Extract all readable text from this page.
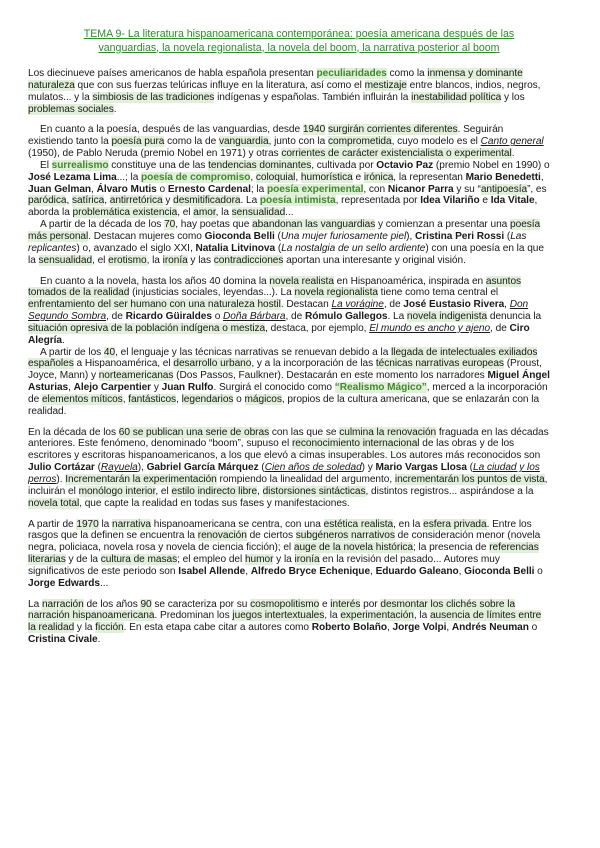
TEMA 9- La literatura hispanoamericana contemporánea: poesía americana después de las vanguardias, la novela regionalista, la novela del boom, la narrativa posterior al boom

Los diecinueve países americanos de habla española presentan peculiaridades como la inmensa y dominante naturaleza que con sus fuerzas telúricas influye en la literatura, así como el mestizaje entre blancos, indios, negros, mulatos... y la simbiosis de las tradiciones indígenas y españolas. También influirán la inestabilidad política y los problemas sociales.

En cuanto a la poesía, después de las vanguardias, desde 1940 surgirán corrientes diferentes. Seguirán existiendo tanto la poesía pura como la de vanguardia, junto con la comprometida, cuyo modelo es el Canto general (1950), de Pablo Neruda (premio Nobel en 1971) y otras corrientes de carácter existencialista o experimental.

El surrealismo constituye una de las tendencias dominantes, cultivada por Octavio Paz (premio Nobel en 1990) o José Lezama Lima...; la poesía de compromiso, coloquial, humorística e irónica, la representan Mario Benedetti, Juan Gelman, Álvaro Mutis o Ernesto Cardenal; la poesía experimental, con Nicanor Parra y su “antipoesía”, es paródica, satírica, antirretórica y desmitificadora. La poesía intimista, representada por Idea Vilariño e Ida Vitale, aborda la problemática existencia, el amor, la sensualidad...

A partir de la década de los 70, hay poetas que abandonan las vanguardias y comienzan a presentar una poesía más personal. Destacan mujeres como Gioconda Belli (Una mujer furiosamente piel), Cristina Peri Rossi (Las replicantes) o, avanzado el siglo XXI, Natalia Litvinova (La nostalgia de un sello ardiente) con una poesía en la que la sensualidad, el erotismo, la ironía y las contradicciones aportan una interesante y original visión.

En cuanto a la novela, hasta los años 40 domina la novela realista en Hispanoamérica, inspirada en asuntos tomados de la realidad (injusticias sociales, leyendas...). La novela regionalista tiene como tema central el enfrentamiento del ser humano con una naturaleza hostil. Destacan La vorágine, de José Eustasio Rivera, Don Segundo Sombra, de Ricardo Güiraldes o Doña Bárbara, de Rómulo Gallegos. La novela indigenista denuncia la situación opresiva de la población indígena o mestiza, destaca, por ejemplo, El mundo es ancho y ajeno, de Ciro Alegría.

A partir de los 40, el lenguaje y las técnicas narrativas se renuevan debido a la llegada de intelectuales exiliados españoles a Hispanoamérica, el desarrollo urbano, y a la incorporación de las técnicas narrativas europeas (Proust, Joyce, Mann) y norteamericanas (Dos Passos, Faulkner). Destacarán en este momento los narradores Miguel Ángel Asturias, Alejo Carpentier y Juan Rulfo. Surgirá el conocido como “Realismo Mágico”, merced a la incorporación de elementos míticos, fantásticos, legendarios o mágicos, propios de la cultura americana, que se enlazarán con la realidad.

En la década de los 60 se publican una serie de obras con las que se culmina la renovación fraguada en las décadas anteriores. Este fenómeno, denominado “boom”, supuso el reconocimiento internacional de las obras y de los escritores y escritoras hispanoamericanos, a los que elevó a cimas insuperables. Los autores más reconocidos son Julio Cortázar (Rayuela), Gabriel García Márquez (Cien años de soledad) y Mario Vargas Llosa (La ciudad y los perros). Incrementarán la experimentación rompiendo la linealidad del argumento, incrementarán los puntos de vista, incluirán el monólogo interior, el estilo indirecto libre, distorsiones sintácticas, distintos registros... aspirándose a la novela total, que capte la realidad en todas sus fases y manifestaciones.

A partir de 1970 la narrativa hispanoamericana se centra, con una estética realista, en la esfera privada. Entre los rasgos que la definen se encuentra la renovación de ciertos subgéneros narrativos de consideración menor (novela negra, policiaca, novela rosa y novela de ciencia ficción); el auge de la novela histórica; la presencia de referencias literarias y de la cultura de masas; el empleo del humor y la ironía en la revisión del pasado... Autores muy significativos de este periodo son Isabel Allende, Alfredo Bryce Echenique, Eduardo Galeano, Gioconda Belli o Jorge Edwards...

La narración de los años 90 se caracteriza por su cosmopolitismo e interés por desmontar los clichés sobre la narración hispanoamericana. Predominan los juegos intertextuales, la experimentación, la ausencia de límites entre la realidad y la ficción. En esta etapa cabe citar a autores como Roberto Bolaño, Jorge Volpi, Andrés Neuman o Cristina Civale.
